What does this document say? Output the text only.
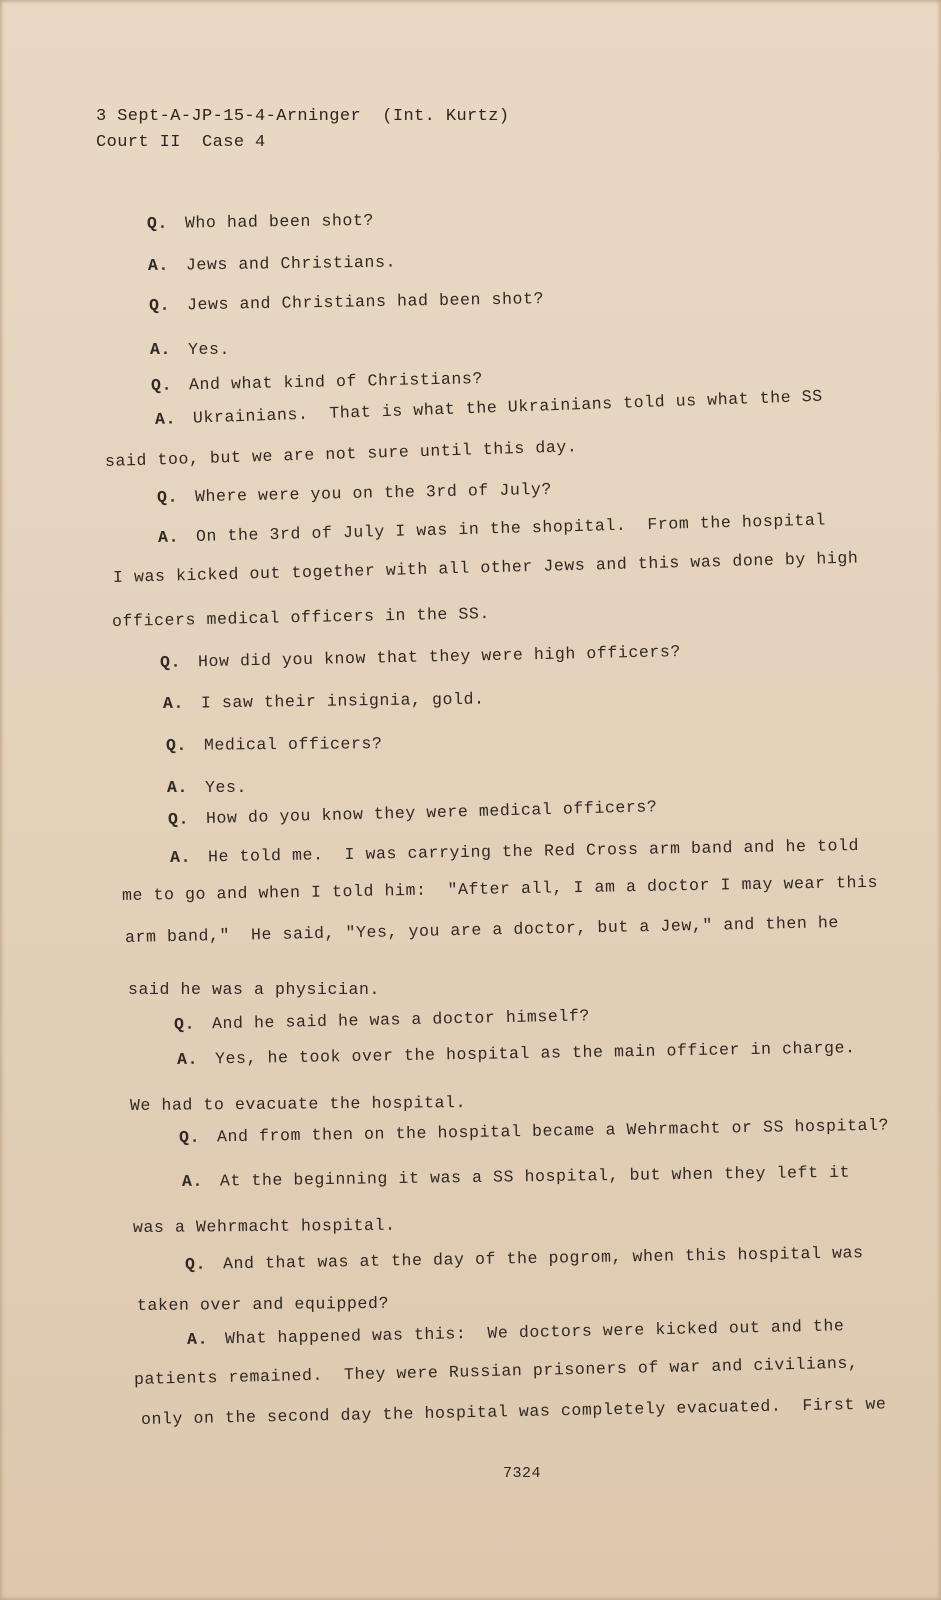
3 Sept-A-JP-15-4-Arninger  (Int. Kurtz)
Court II  Case 4
Q. Who had been shot?
A. Jews and Christians.
Q. Jews and Christians had been shot?
A. Yes.
Q. And what kind of Christians?
A. Ukrainians.  That is what the Ukrainians told us what the SS
said too, but we are not sure until this day.
Q. Where were you on the 3rd of July?
A. On the 3rd of July I was in the shopital.  From the hospital
I was kicked out together with all other Jews and this was done by high
officers medical officers in the SS.
Q. How did you know that they were high officers?
A. I saw their insignia, gold.
Q. Medical officers?
A. Yes.
Q. How do you know they were medical officers?
A. He told me.  I was carrying the Red Cross arm band and he told
me to go and when I told him:  "After all, I am a doctor I may wear this
arm band,"  He said, "Yes, you are a doctor, but a Jew," and then he
said he was a physician.
Q. And he said he was a doctor himself?
A. Yes, he took over the hospital as the main officer in charge.
We had to evacuate the hospital.
Q. And from then on the hospital became a Wehrmacht or SS hospital?
A. At the beginning it was a SS hospital, but when they left it
was a Wehrmacht hospital.
Q. And that was at the day of the pogrom, when this hospital was
taken over and equipped?
A. What happened was this:  We doctors were kicked out and the
patients remained.  They were Russian prisoners of war and civilians,
only on the second day the hospital was completely evacuated.  First we
7324
